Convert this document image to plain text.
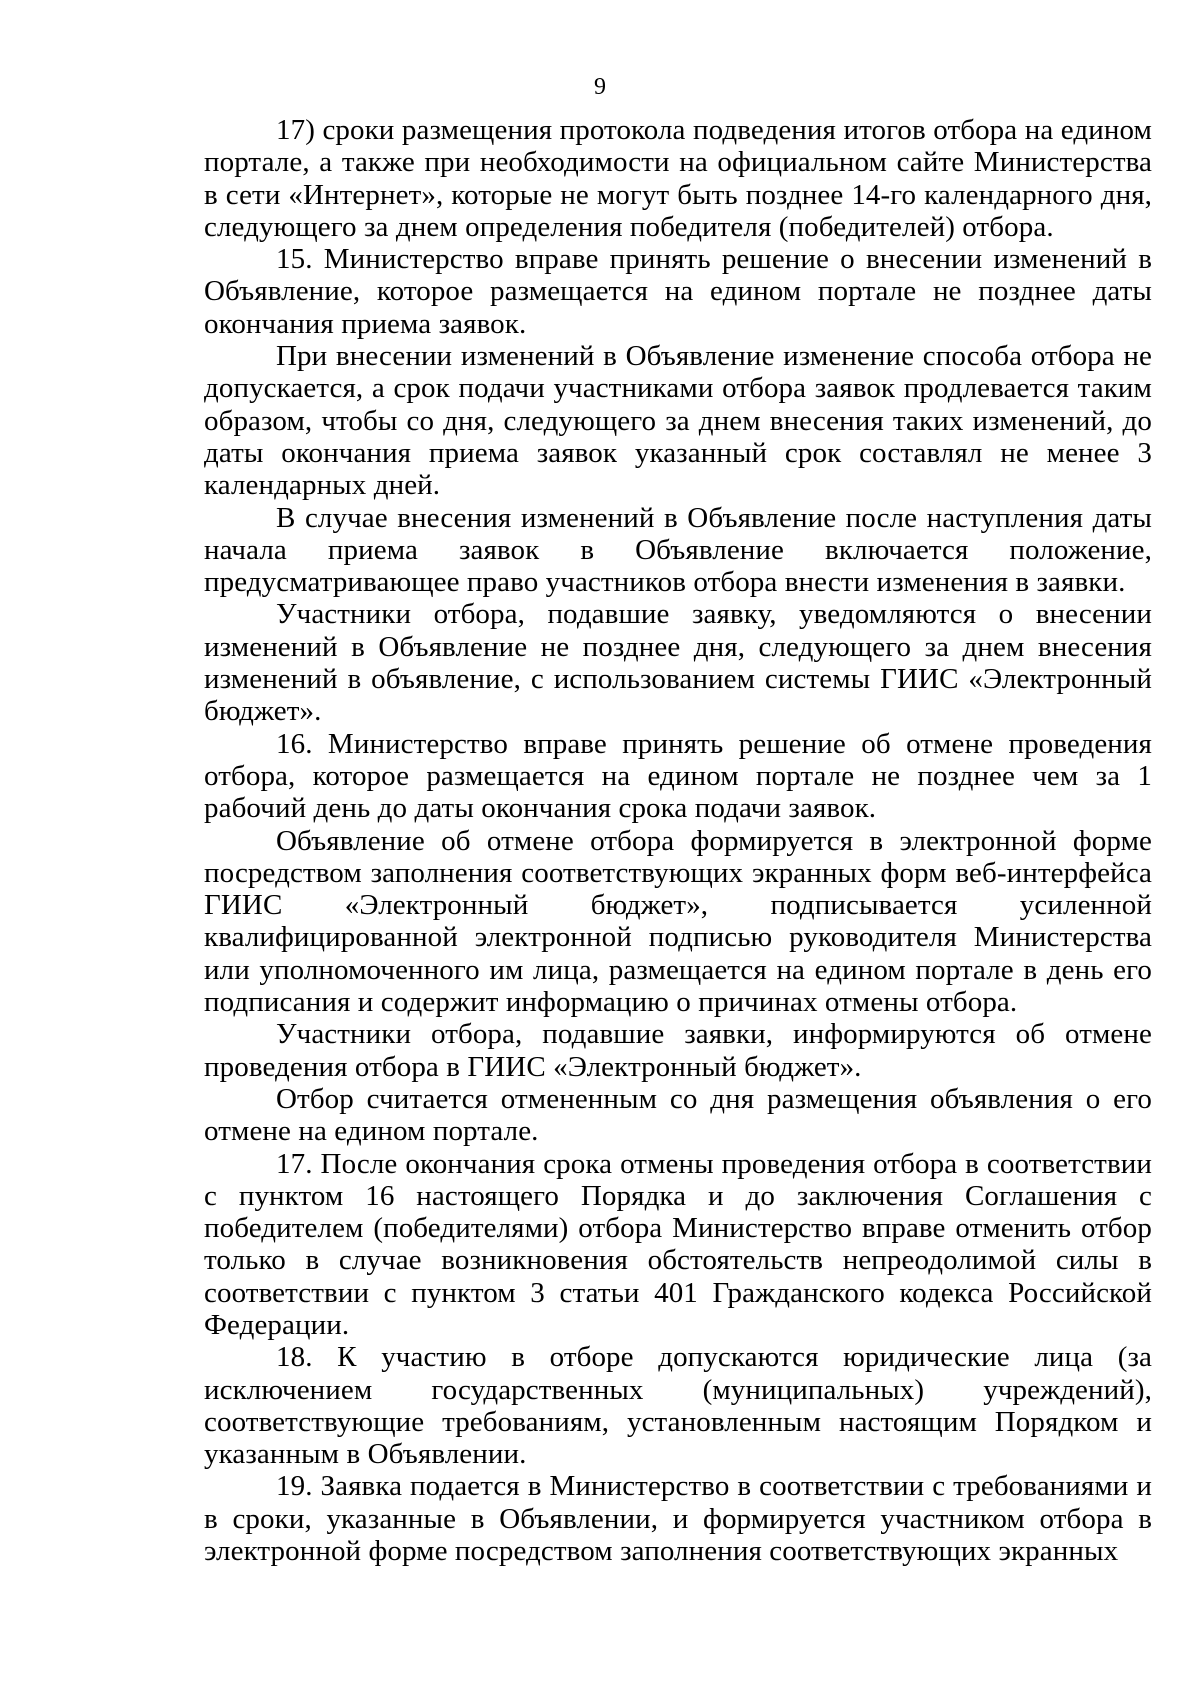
9

17) сроки размещения протокола подведения итогов отбора на едином портале, а также при необходимости на официальном сайте Министерства в сети «Интернет», которые не могут быть позднее 14-го календарного дня, следующего за днем определения победителя (победителей) отбора.

15. Министерство вправе принять решение о внесении изменений в Объявление, которое размещается на едином портале не позднее даты окончания приема заявок.

При внесении изменений в Объявление изменение способа отбора не допускается, а срок подачи участниками отбора заявок продлевается таким образом, чтобы со дня, следующего за днем внесения таких изменений, до даты окончания приема заявок указанный срок составлял не менее 3 календарных дней.

В случае внесения изменений в Объявление после наступления даты начала приема заявок в Объявление включается положение, предусматривающее право участников отбора внести изменения в заявки.

Участники отбора, подавшие заявку, уведомляются о внесении изменений в Объявление не позднее дня, следующего за днем внесения изменений в объявление, с использованием системы ГИИС «Электронный бюджет».

16. Министерство вправе принять решение об отмене проведения отбора, которое размещается на едином портале не позднее чем за 1 рабочий день до даты окончания срока подачи заявок.

Объявление об отмене отбора формируется в электронной форме посредством заполнения соответствующих экранных форм веб-интерфейса ГИИС «Электронный бюджет», подписывается усиленной квалифицированной электронной подписью руководителя Министерства или уполномоченного им лица, размещается на едином портале в день его подписания и содержит информацию о причинах отмены отбора.

Участники отбора, подавшие заявки, информируются об отмене проведения отбора в ГИИС «Электронный бюджет».

Отбор считается отмененным со дня размещения объявления о его отмене на едином портале.

17. После окончания срока отмены проведения отбора в соответствии с пунктом 16 настоящего Порядка и до заключения Соглашения с победителем (победителями) отбора Министерство вправе отменить отбор только в случае возникновения обстоятельств непреодолимой силы в соответствии с пунктом 3 статьи 401 Гражданского кодекса Российской Федерации.

18. К участию в отборе допускаются юридические лица (за исключением государственных (муниципальных) учреждений), соответствующие требованиям, установленным настоящим Порядком и указанным в Объявлении.

19. Заявка подается в Министерство в соответствии с требованиями и в сроки, указанные в Объявлении, и формируется участником отбора в электронной форме посредством заполнения соответствующих экранных
